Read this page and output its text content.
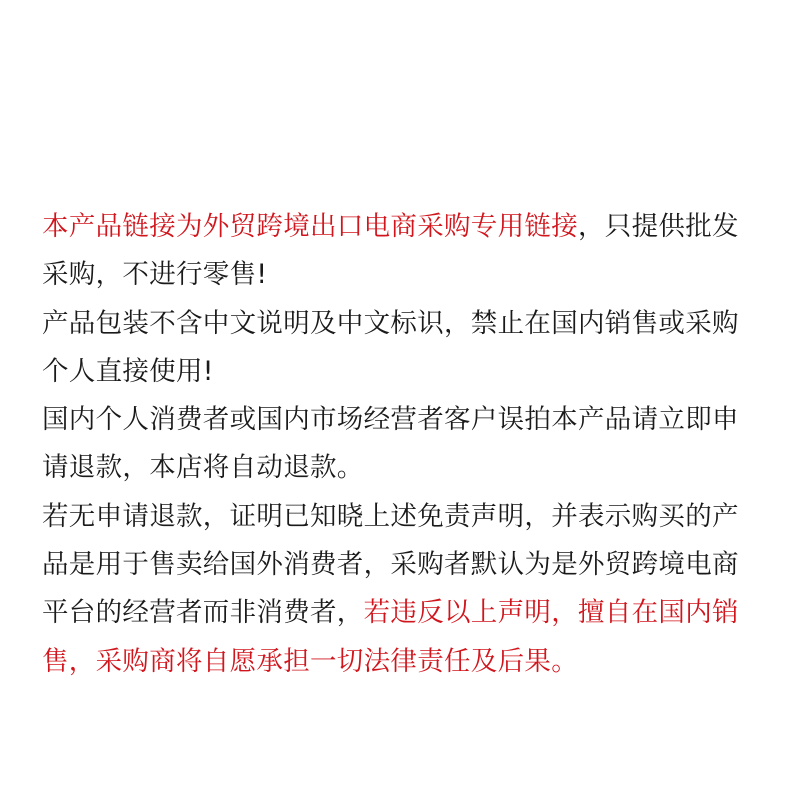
本产品链接为外贸跨境出口电商采购专用链接，只提供批发采购，不进行零售!

产品包装不含中文说明及中文标识，禁止在国内销售或采购个人直接使用!

国内个人消费者或国内市场经营者客户误拍本产品请立即申请退款，本店将自动退款。

若无申请退款，证明已知晓上述免责声明，并表示购买的产品是用于售卖给国外消费者，采购者默认为是外贸跨境电商平台的经营者而非消费者，若违反以上声明，擅自在国内销售，采购商将自愿承担一切法律责任及后果。
